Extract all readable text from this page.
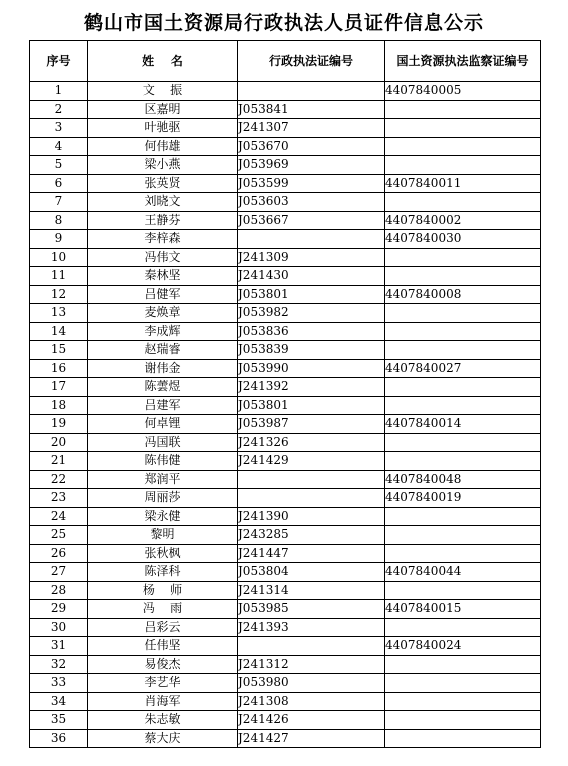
鹤山市国土资源局行政执法人员证件信息公示
序号	姓    名	行政执法证编号	国土资源执法监察证编号
1	文    振		4407840005
2	区嘉明	J053841	
3	叶驰驱	J241307	
4	何伟雄	J053670	
5	梁小燕	J053969	
6	张英贤	J053599	4407840011
7	刘晓文	J053603	
8	王静芬	J053667	4407840002
9	李梓森		4407840030
10	冯伟文	J241309	
11	秦林坚	J241430	
12	吕健军	J053801	4407840008
13	麦焕章	J053982	
14	李成辉	J053836	
15	赵瑞睿	J053839	
16	谢伟金	J053990	4407840027
17	陈蕓煜	J241392	
18	吕建军	J053801	
19	何卓锂	J053987	4407840014
20	冯国联	J241326	
21	陈伟健	J241429	
22	郑润平		4407840048
23	周丽莎		4407840019
24	梁永健	J241390	
25	黎明	J243285	
26	张秋枫	J241447	
27	陈泽科	J053804	4407840044
28	杨    师	J241314	
29	冯    雨	J053985	4407840015
30	吕彩云	J241393	
31	任伟坚		4407840024
32	易俊杰	J241312	
33	李艺华	J053980	
34	肖海军	J241308	
35	朱志敏	J241426	
36	蔡大庆	J241427	
